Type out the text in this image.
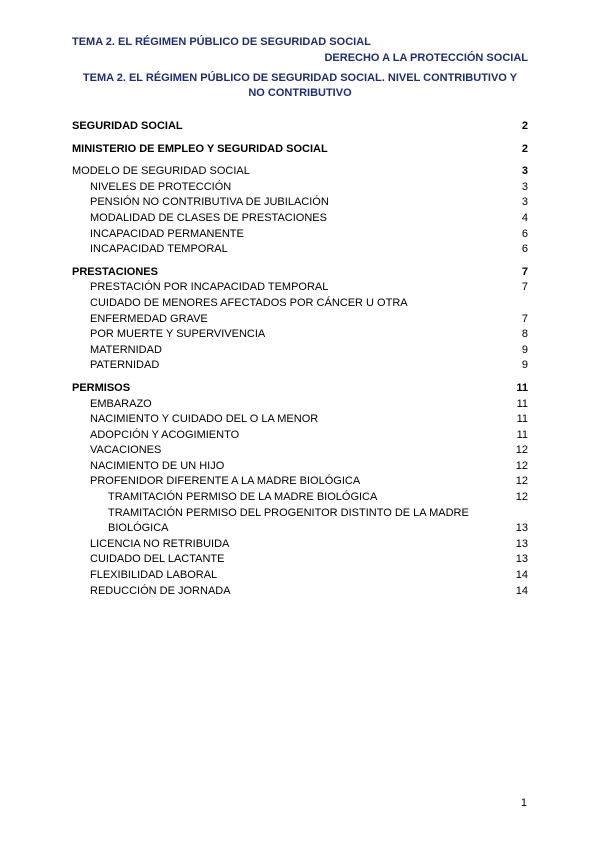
TEMA 2. EL RÉGIMEN PÚBLICO DE SEGURIDAD SOCIAL
DERECHO A LA PROTECCIÓN SOCIAL
TEMA 2. EL RÉGIMEN PÚBLICO DE SEGURIDAD SOCIAL. NIVEL CONTRIBUTIVO Y
NO CONTRIBUTIVO
SEGURIDAD SOCIAL	2
MINISTERIO DE EMPLEO Y SEGURIDAD SOCIAL	2
MODELO DE SEGURIDAD SOCIAL	3
NIVELES DE PROTECCIÓN	3
PENSIÓN NO CONTRIBUTIVA DE JUBILACIÓN	3
MODALIDAD DE CLASES DE PRESTACIONES	4
INCAPACIDAD PERMANENTE	6
INCAPACIDAD TEMPORAL	6
PRESTACIONES	7
PRESTACIÓN POR INCAPACIDAD TEMPORAL	7
CUIDADO DE MENORES AFECTADOS POR CÁNCER U OTRA ENFERMEDAD GRAVE	7
POR MUERTE Y SUPERVIVENCIA	8
MATERNIDAD	9
PATERNIDAD	9
PERMISOS	11
EMBARAZO	11
NACIMIENTO Y CUIDADO DEL O LA MENOR	11
ADOPCIÓN Y ACOGIMIENTO	11
VACACIONES	12
NACIMIENTO DE UN HIJO	12
PROFENIDOR DIFERENTE A LA MADRE BIOLÓGICA	12
TRAMITACIÓN PERMISO DE LA MADRE BIOLÓGICA	12
TRAMITACIÓN PERMISO DEL PROGENITOR DISTINTO DE LA MADRE BIOLÓGICA	13
LICENCIA NO RETRIBUIDA	13
CUIDADO DEL LACTANTE	13
FLEXIBILIDAD LABORAL	14
REDUCCIÓN DE JORNADA	14
1
